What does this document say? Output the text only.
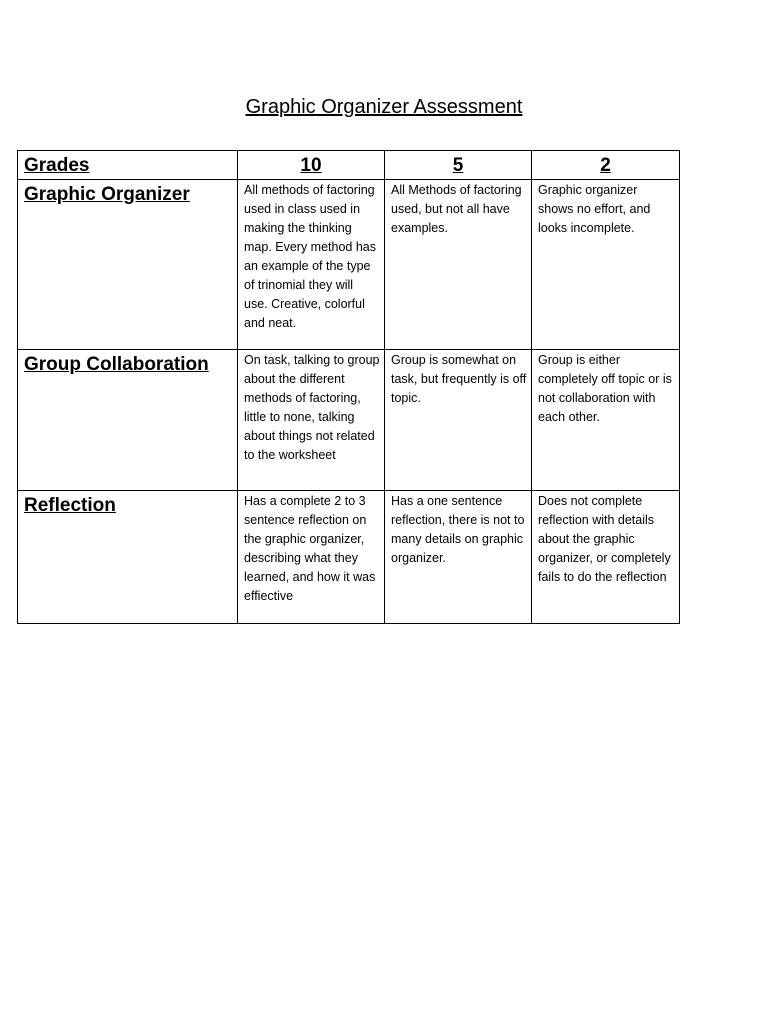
Graphic Organizer Assessment
Grades	10	5	2

Graphic Organizer	All methods of factoring used in class used in making the thinking map. Every method has an example of the type of trinomial they will use. Creative, colorful and neat.	All Methods of factoring used, but not all have examples.	Graphic organizer shows no effort, and looks incomplete.

Group Collaboration	On task, talking to group about the different methods of factoring, little to none, talking about things not related to the worksheet	Group is somewhat on task, but frequently is off topic.	Group is either completely off topic or is not collaboration with each other.

Reflection	Has a complete 2 to 3 sentence reflection on the graphic organizer, describing what they learned, and how it was effiective	Has a one sentence reflection, there is not to many details on graphic organizer.	Does not complete reflection with details about the graphic organizer, or completely fails to do the reflection
